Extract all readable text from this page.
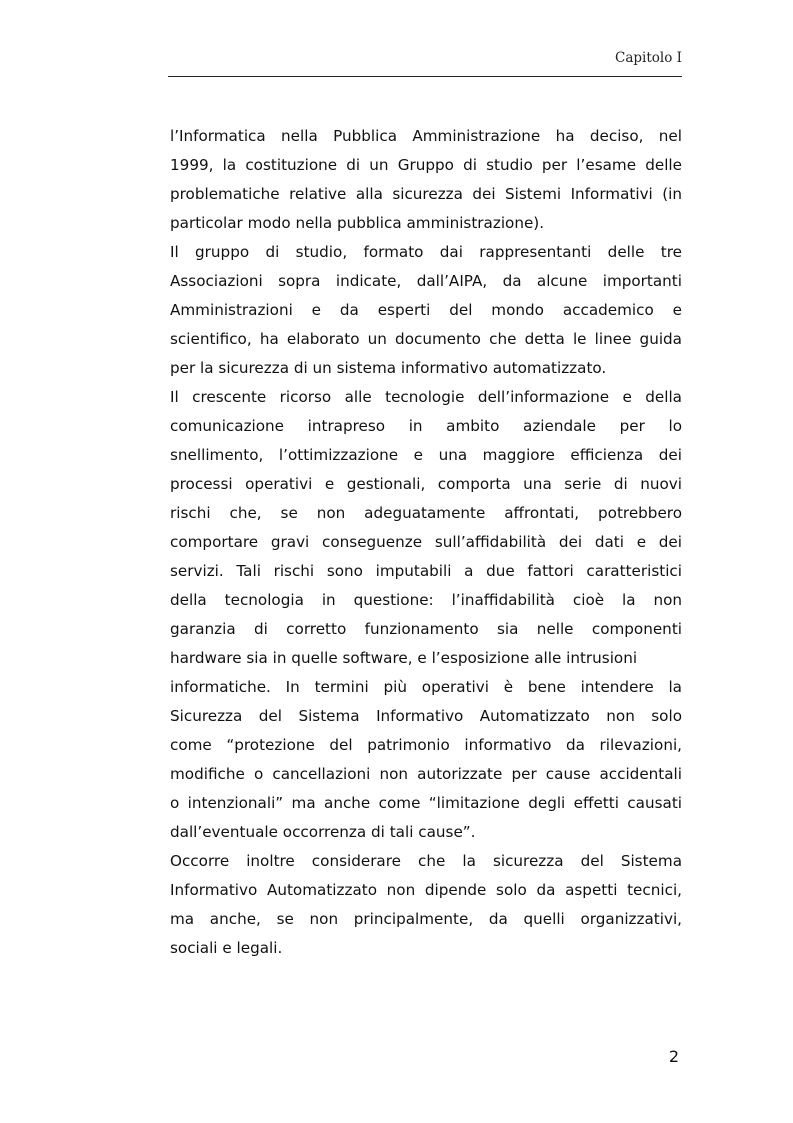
Capitolo I

l’Informatica nella Pubblica Amministrazione ha deciso, nel
1999, la costituzione di un Gruppo di studio per l’esame delle
problematiche relative alla sicurezza dei Sistemi Informativi (in
particolar modo nella pubblica amministrazione).

Il gruppo di studio, formato dai rappresentanti delle tre
Associazioni sopra indicate, dall’AIPA, da alcune importanti
Amministrazioni e da esperti del mondo accademico e
scientifico, ha elaborato un documento che detta le linee guida
per la sicurezza di un sistema informativo automatizzato.

Il crescente ricorso alle tecnologie dell’informazione e della
comunicazione intrapreso in ambito aziendale per lo
snellimento, l’ottimizzazione e una maggiore efficienza dei
processi operativi e gestionali, comporta una serie di nuovi
rischi che, se non adeguatamente affrontati, potrebbero
comportare gravi conseguenze sull’affidabilità dei dati e dei
servizi. Tali rischi sono imputabili a due fattori caratteristici
della tecnologia in questione: l’inaffidabilità cioè la non
garanzia di corretto funzionamento sia nelle componenti
hardware sia in quelle software, e l’esposizione alle intrusioni
informatiche. In termini più operativi è bene intendere la
Sicurezza del Sistema Informativo Automatizzato non solo
come “protezione del patrimonio informativo da rilevazioni,
modifiche o cancellazioni non autorizzate per cause accidentali
o intenzionali” ma anche come “limitazione degli effetti causati
dall’eventuale occorrenza di tali cause”.

Occorre inoltre considerare che la sicurezza del Sistema
Informativo Automatizzato non dipende solo da aspetti tecnici,
ma anche, se non principalmente, da quelli organizzativi,
sociali e legali.

2
